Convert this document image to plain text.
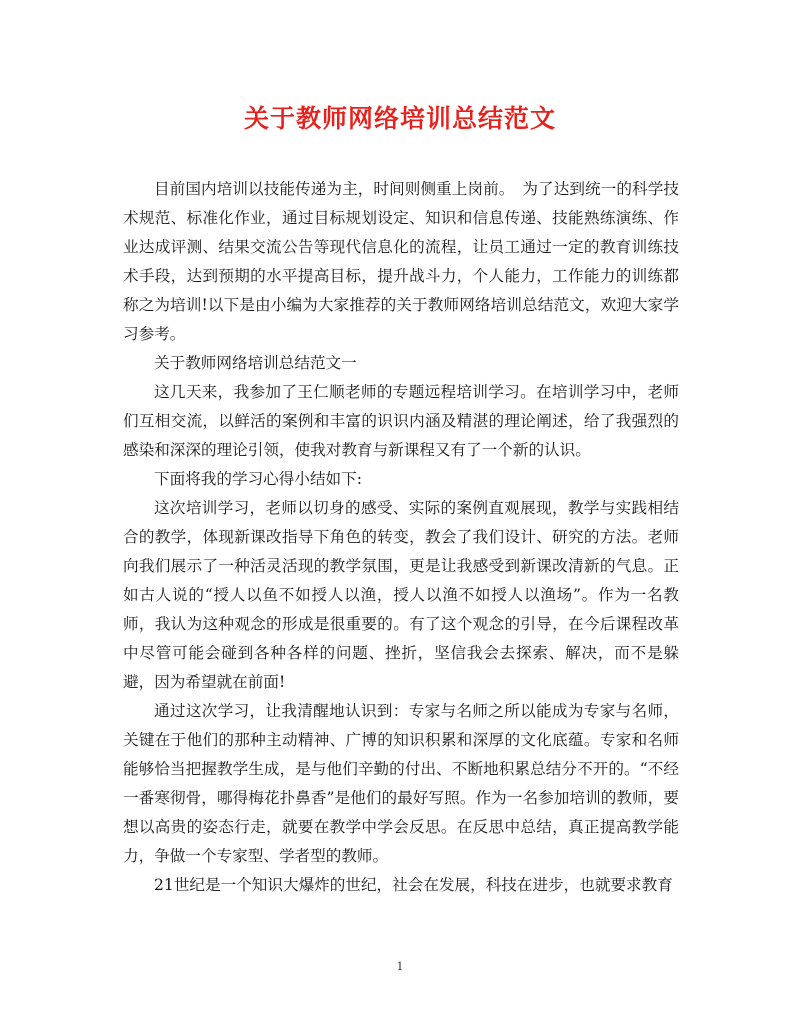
关于教师网络培训总结范文

目前国内培训以技能传递为主，时间则侧重上岗前。　为了达到统一的科学技术规范、标准化作业，通过目标规划设定、知识和信息传递、技能熟练演练、作业达成评测、结果交流公告等现代信息化的流程，让员工通过一定的教育训练技术手段，达到预期的水平提高目标，提升战斗力，个人能力，工作能力的训练都称之为培训!以下是由小编为大家推荐的关于教师网络培训总结范文，欢迎大家学习参考。

关于教师网络培训总结范文一

这几天来，我参加了王仁顺老师的专题远程培训学习。在培训学习中，老师们互相交流，以鲜活的案例和丰富的识识内涵及精湛的理论阐述，给了我强烈的感染和深深的理论引领，使我对教育与新课程又有了一个新的认识。

下面将我的学习心得小结如下:

这次培训学习，老师以切身的感受、实际的案例直观展现，教学与实践相结合的教学，体现新课改指导下角色的转变，教会了我们设计、研究的方法。老师向我们展示了一种活灵活现的教学氛围，更是让我感受到新课改清新的气息。正如古人说的“授人以鱼不如授人以渔，授人以渔不如授人以渔场”。作为一名教师，我认为这种观念的形成是很重要的。有了这个观念的引导，在今后课程改革中尽管可能会碰到各种各样的问题、挫折，坚信我会去探索、解决，而不是躲避，因为希望就在前面!

通过这次学习，让我清醒地认识到：专家与名师之所以能成为专家与名师，关键在于他们的那种主动精神、广博的知识积累和深厚的文化底蕴。专家和名师能够恰当把握教学生成，是与他们辛勤的付出、不断地积累总结分不开的。“不经一番寒彻骨，哪得梅花扑鼻香”是他们的最好写照。作为一名参加培训的教师，要想以高贵的姿态行走，就要在教学中学会反思。在反思中总结，真正提高教学能力，争做一个专家型、学者型的教师。

21世纪是一个知识大爆炸的世纪，社会在发展，科技在进步，也就要求教育

1
